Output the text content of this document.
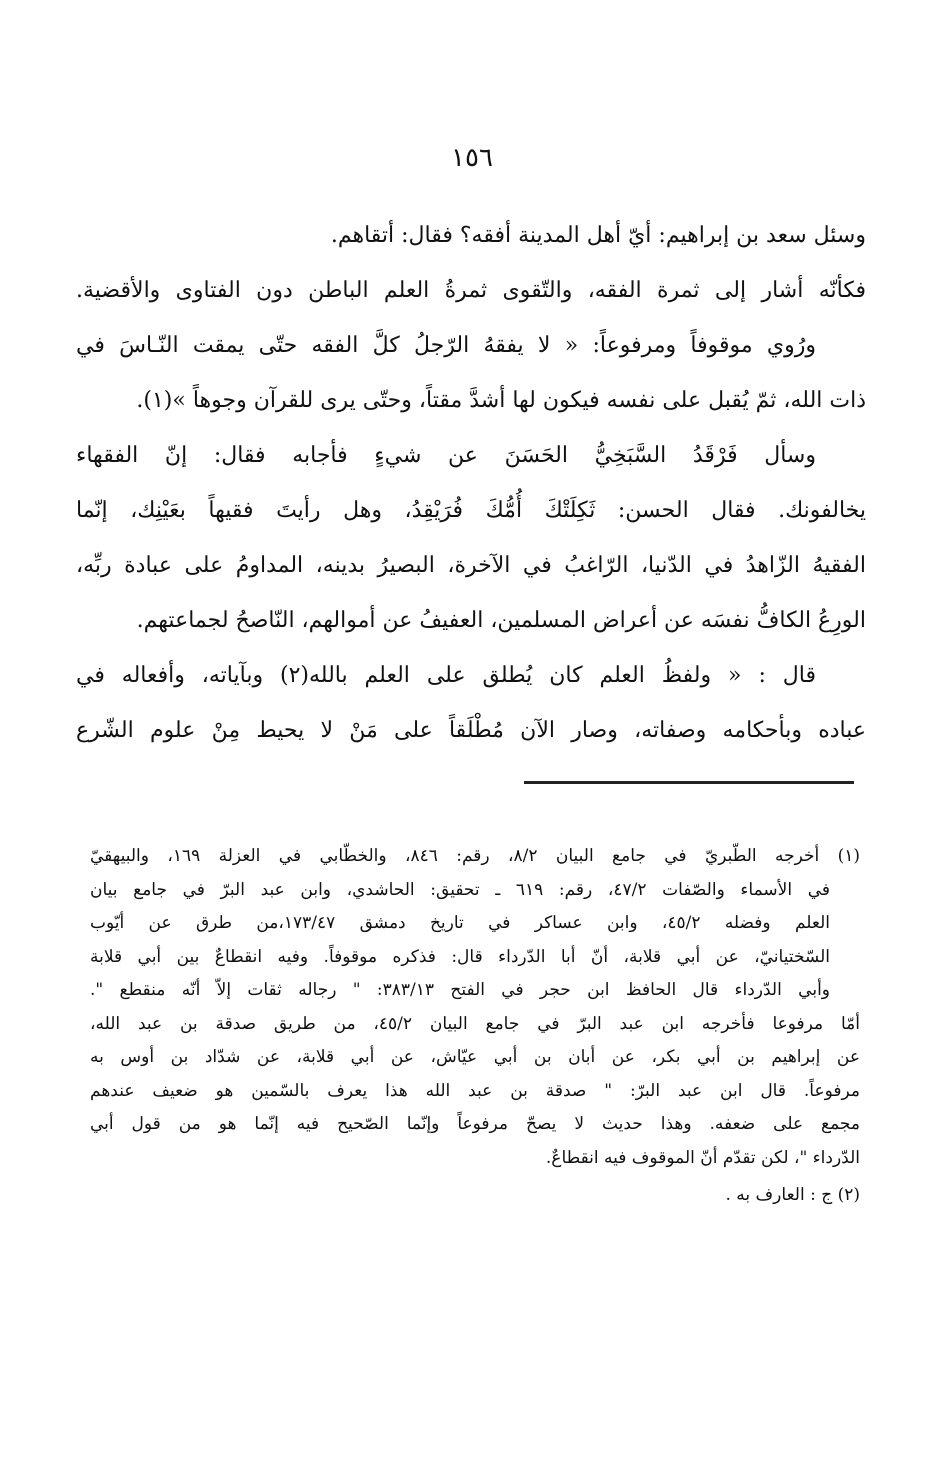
١٥٦
وسئل سعد بن إبراهيم: أيّ أهل المدينة أفقه؟ فقال: أتقاهم.
فكأنّه أشار إلى ثمرة الفقه، والتّقوى ثمرةُ العلم الباطن دون الفتاوى والأقضية.
ورُوي موقوفاً ومرفوعاً: « لا يفقهُ الرّجلُ كلَّ الفقه حتّى يمقت النّـاسَ في
ذات الله، ثمّ يُقبل على نفسه فيكون لها أشدَّ مقتاً، وحتّى يرى للقرآن وجوهاً »(١).
وسأل فَرْقَدُ السَّبَخِيُّ الحَسَنَ عن شيءٍ فأجابه فقال: إنّ الفقهاء
يخالفونك. فقال الحسن: ثَكِلَتْكَ أُمُّكَ فُرَيْقِدُ، وهل رأيتَ فقيهاً بعَيْنِك، إنّما
الفقيهُ الزّاهدُ في الدّنيا، الرّاغبُ في الآخرة، البصيرُ بدينه، المداومُ على عبادة ربِّه،
الورِعُ الكافُّ نفسَه عن أعراض المسلمين، العفيفُ عن أموالهم، النّاصحُ لجماعتهم.
قال : « ولفظُ العلم كان يُطلق على العلم بالله(٢) وبآياته، وأفعاله في
عباده وبأحكامه وصفاته، وصار الآن مُطْلَقاً على مَنْ لا يحيط مِنْ علوم الشّرع
(١) أخرجه الطّبريّ في جامع البيان ٨/٢، رقم: ٨٤٦، والخطّابي في العزلة ١٦٩، والبيهقيّ
في الأسماء والصّفات ٤٧/٢، رقم: ٦١٩ ـ تحقيق: الحاشدي، وابن عبد البرّ في جامع بيان
العلم وفضله ٤٥/٢، وابن عساكر في تاريخ دمشق ١٧٣/٤٧،من طرق عن أيّوب
السّختيانيّ، عن أبي قلابة، أنّ أبا الدّرداء قال: فذكره موقوفاً. وفيه انقطاعٌ بين أبي قلابة
وأبي الدّرداء قال الحافظ ابن حجر في الفتح ٣٨٣/١٣: " رجاله ثقات إلاّ أنّه منقطع ".
أمّا مرفوعا فأخرجه ابن عبد البرّ في جامع البيان ٤٥/٢، من طريق صدقة بن عبد الله،
عن إبراهيم بن أبي بكر، عن أبان بن أبي عيّاش، عن أبي قلابة، عن شدّاد بن أوس به
مرفوعاً. قال ابن عبد البرّ: " صدقة بن عبد الله هذا يعرف بالسّمين هو ضعيف عندهم
مجمع على ضعفه. وهذا حديث لا يصحّ مرفوعاً وإنّما الصّحيح فيه إنّما هو من قول أبي
الدّرداء "، لكن تقدّم أنّ الموقوف فيه انقطاعٌ.
(٢) ج : العارف به .
